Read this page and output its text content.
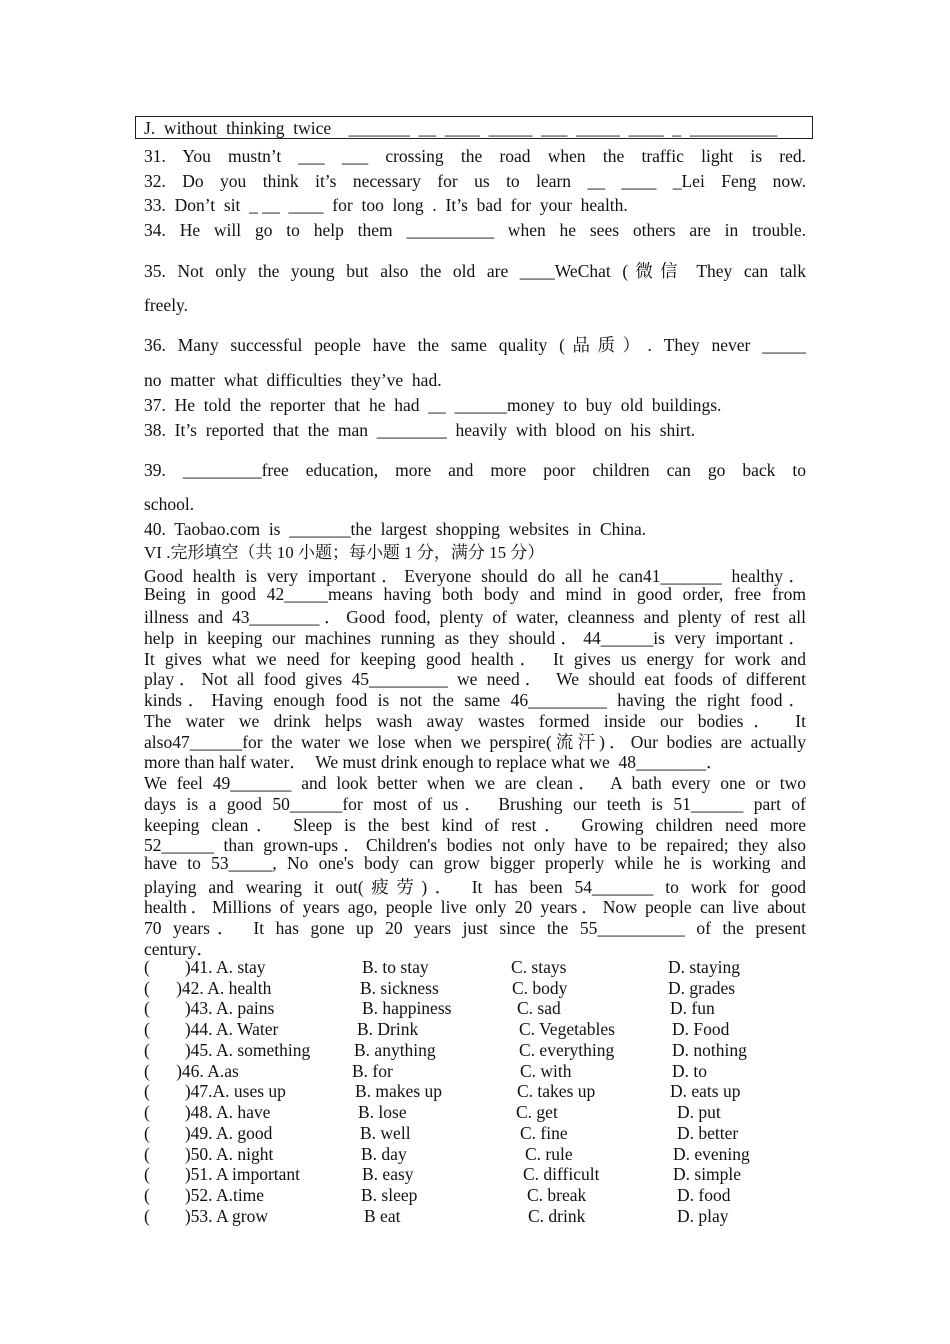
J.  without  thinking  twice    _______  __  ____  _____  ___  _____  ____  _  __________
31. You mustn’t ___ ___ crossing the road when the traffic light is red.
32. Do you think it’s necessary for us to learn __ ____ _Lei Feng now.
33.  Don’t  sit  _ __  ____  for  too  long  .  It’s  bad  for  your  health.
34. He will go to help them __________ when he sees others are in trouble.
35. Not only the young but also the old are ____WeChat (微信 They can talk
freely.
36. Many successful people have the same quality (品质）. They never _____
no  matter  what  difficulties  they’ve  had.
37.  He  told  the  reporter  that  he  had  __  ______money  to  buy  old  buildings.
38.  It’s  reported  that  the  man  ________  heavily  with  blood  on  his  shirt.
39. _________free education, more and more poor children can go back to
school.
40.  Taobao.com  is  _______the  largest  shopping  websites  in  China.
VI .完形填空（共 10 小题；每小题 1 分，满分 15 分）
Good health is very important．Everyone should do all he can41_______ healthy．
Being in good 42_____means having both body and mind in good order, free from
illness and 43________．Good food, plenty of water, cleanness and plenty of rest all
help in keeping our machines running as they should．44______is very important．
It gives what we need for keeping good health． It gives us energy for work and
play．Not all food gives 45_________ we need． We should eat foods of different
kinds．Having enough food is not the same 46_________ having the right food．
The water we drink helps wash away wastes formed inside our bodies． It
also47______for the water we lose when we perspire(流汗)．Our bodies are actually
more than half water．  We must drink enough to replace what we  48________．
We feel 49_______ and look better when we are clean． A bath every one or two
days is a good 50______for most of us． Brushing our teeth is 51______ part of
keeping clean． Sleep is the best kind of rest． Growing children need more
52______ than grown-ups．Children's bodies not only have to be repaired; they also
have to 53_____, No one's body can grow bigger properly while he is working and
playing and wearing it out(疲劳)． It has been 54_______ to work for good
health．Millions of years ago, people live only 20 years．Now people can live about
70 years． It has gone up 20 years just since the 55__________ of the present
century．
(        )41. A. stay	B. to stay	C. stays	D. staying
(      )42. A. health	B. sickness	C. body	D. grades
(        )43. A. pains	B. happiness	C. sad	D. fun
(        )44. A. Water	B. Drink	C. Vegetables	D. Food
(        )45. A. something	B. anything	C. everything	D. nothing
(      )46. A.as	B. for	C. with	D. to
(        )47.A. uses up	B. makes up	C. takes up	D. eats up
(        )48. A. have	B. lose	C. get	D. put
(        )49. A. good	B. well	C. fine	D. better
(        )50. A. night	B. day	C. rule	D. evening
(        )51. A important	B. easy	C. difficult	D. simple
(        )52. A.time	B. sleep	C. break	D. food
(        )53. A grow	B eat	C. drink	D. play
